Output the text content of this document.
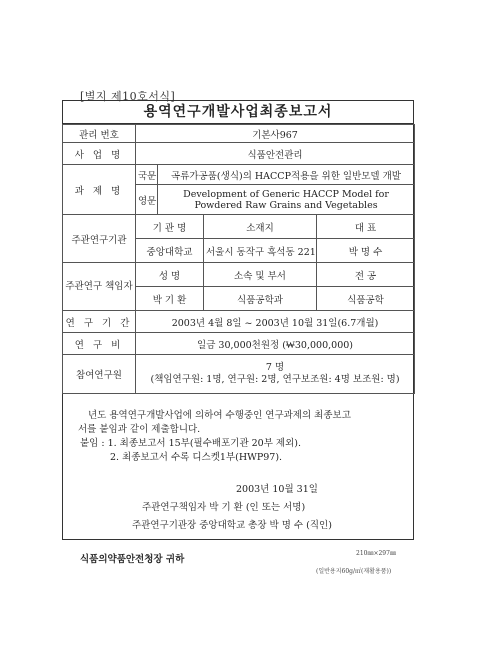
[별지 제10호서식]
용역연구개발사업최종보고서
관리 번호	기본사967			
사 업 명	식품안전관리			
과 제 명	국문	곡류가공품(생식)의 HACCP적용을 위한 일반모델 개발		
	영문	Development of Generic HACCP Model for Powdered Raw Grains and Vegetables		
주관연구기관	기 관 명		소재지	대 표
	중앙대학교		서울시 동작구 흑석동 221	박 명 수
주관연구 책임자	성 명		소속 및 부서	전 공
	박 기 환		식품공학과	식품공학
연 구 기 간	2003년 4월 8일 ~ 2003년 10월 31일(6.7개월)			
연 구 비	일금 30,000천원정 (₩30,000,000)			
참여연구원	7 명
(책임연구원: 1명, 연구원: 2명, 연구보조원: 4명 보조원: 명)			
년도 용역연구개발사업에 의하여 수행중인 연구과제의 최종보고
서를 붙임과 같이 제출합니다.
붙임 : 1. 최종보고서 15부(필수배포기관 20부 제외).
2. 최종보고서 수록 디스켓1부(HWP97).
2003년 10월 31일
주관연구책임자 박 기 환 (인 또는 서명)
주관연구기관장 중앙대학교 총장 박 명 수 (직인)
식품의약품안전청장 귀하
210㎜×297㎜
(일반용지60g/㎡(재활용품))
